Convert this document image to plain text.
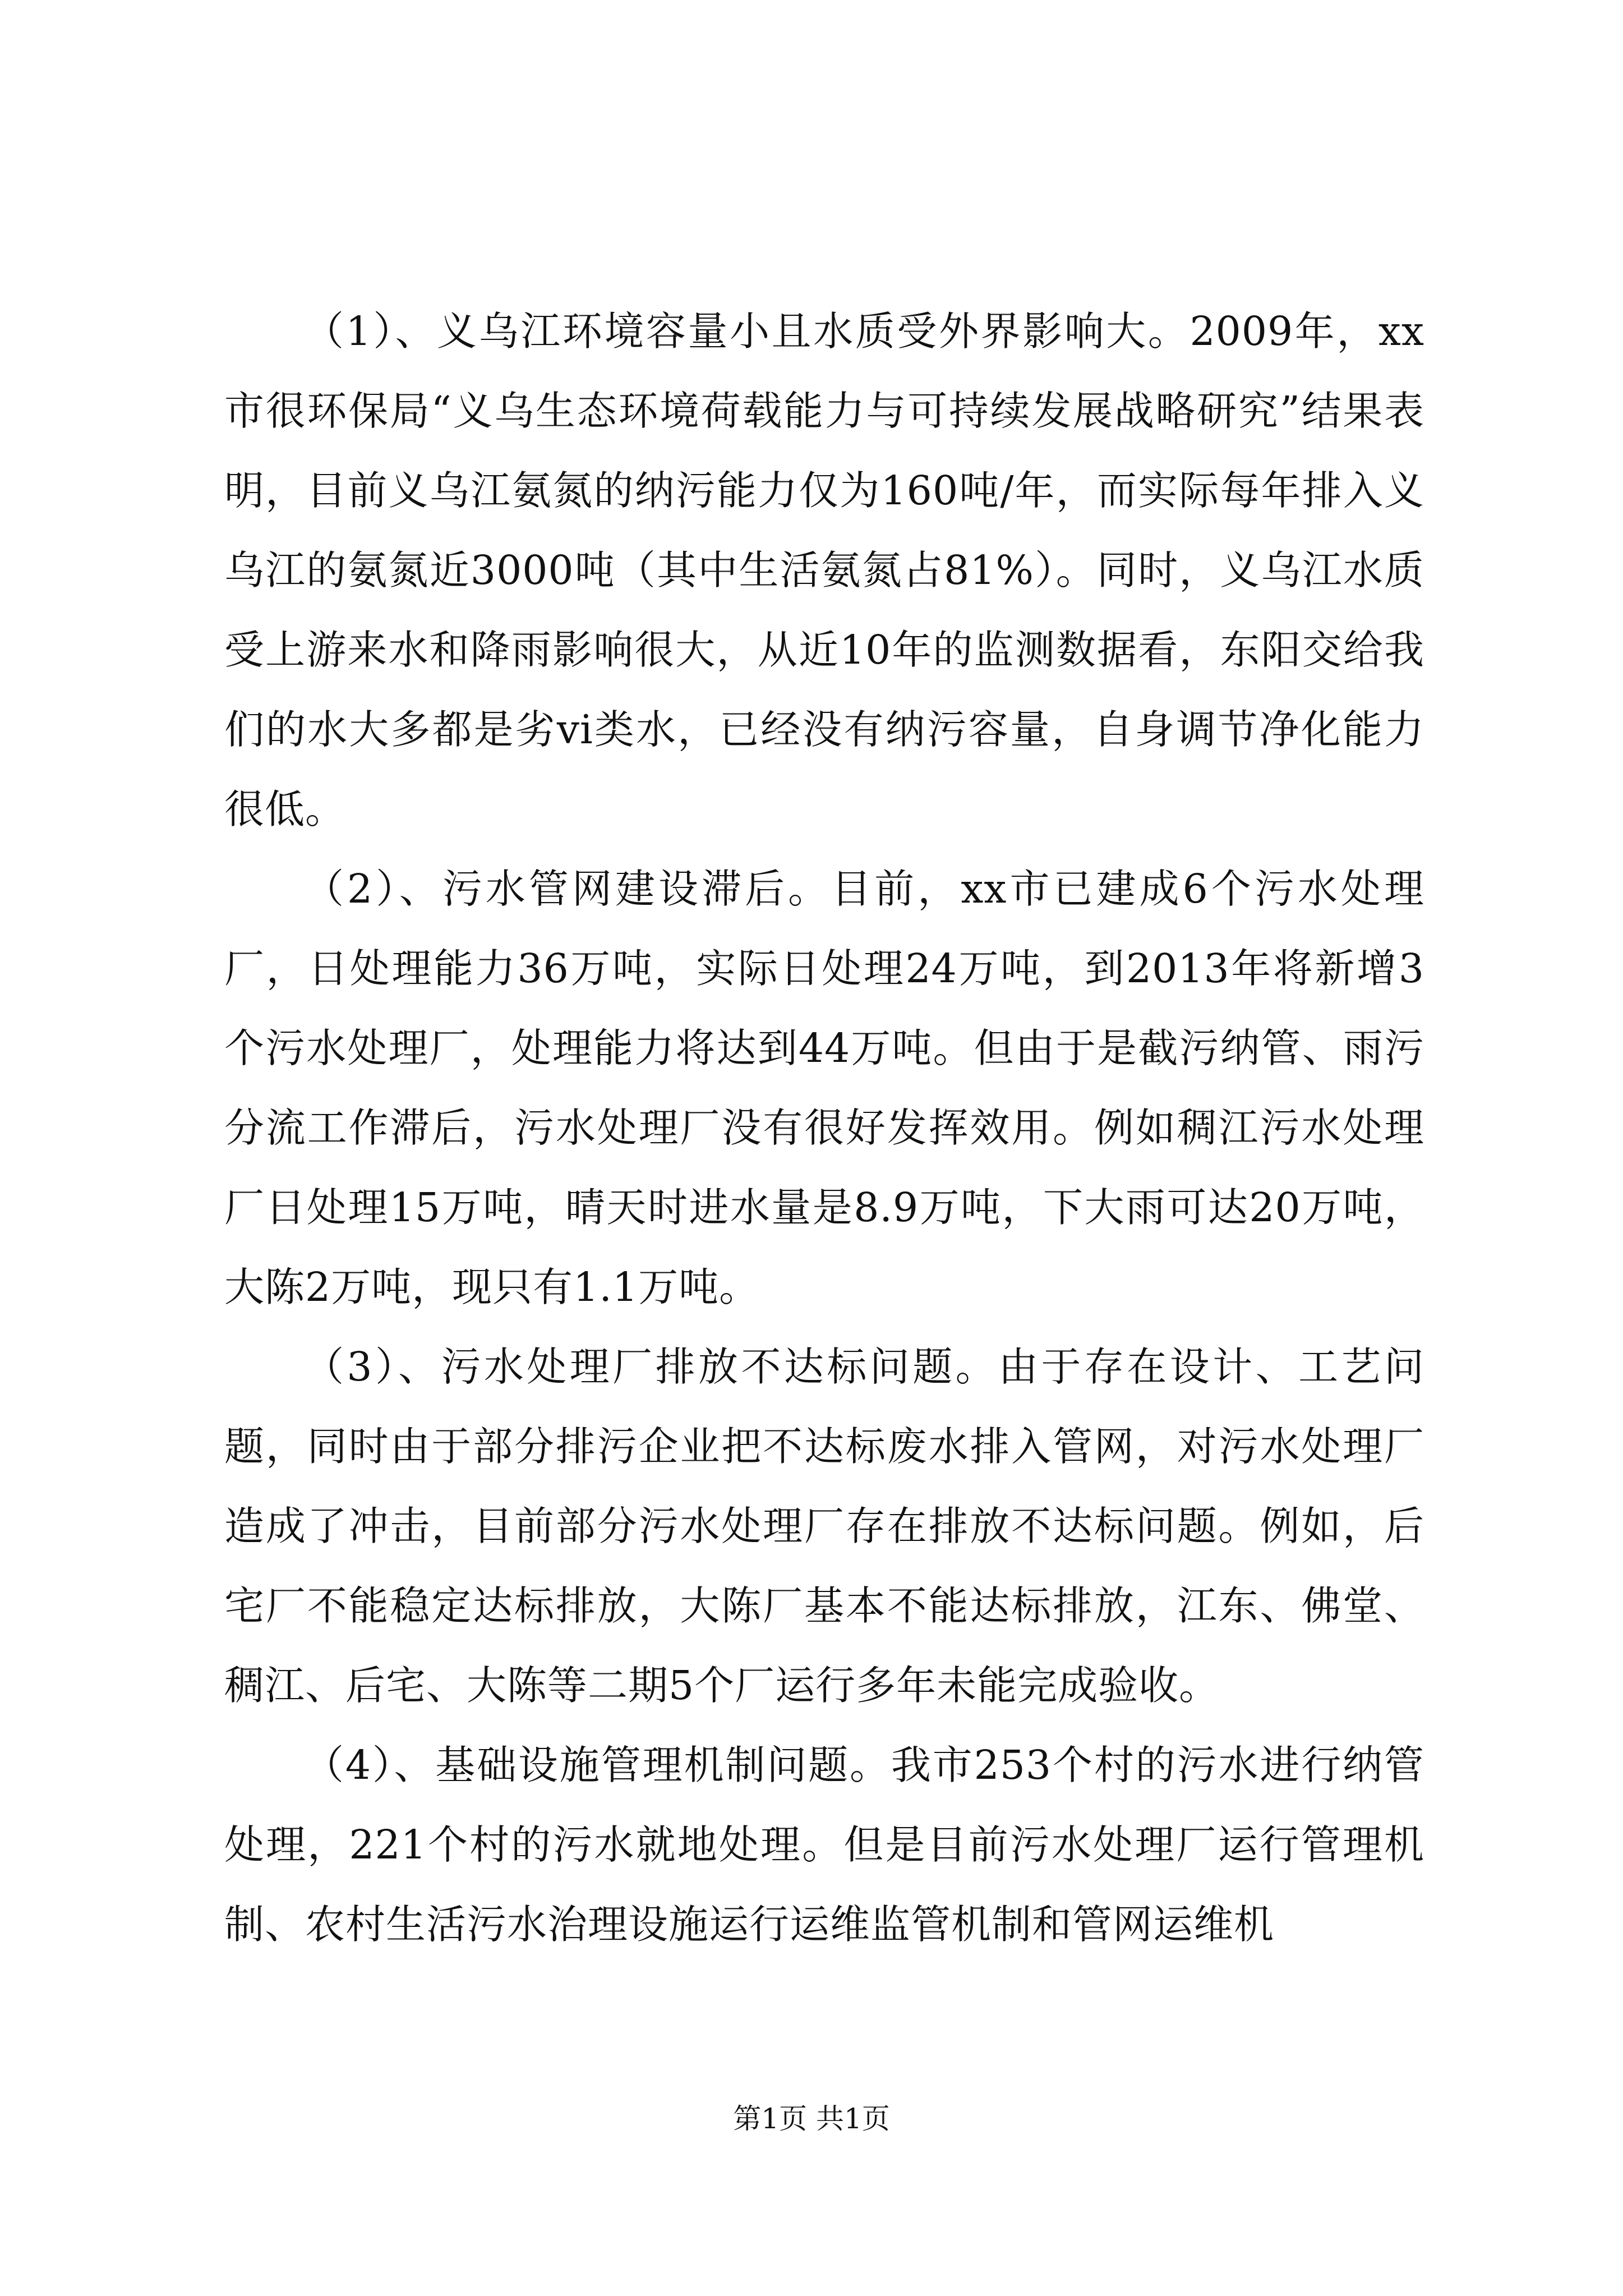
（1）、义乌江环境容量小且水质受外界影响大。2009年，xx市很环保局“义乌生态环境荷载能力与可持续发展战略研究”结果表明，目前义乌江氨氮的纳污能力仅为160吨/年，而实际每年排入义乌江的氨氮近3000吨（其中生活氨氮占81%）。同时，义乌江水质受上游来水和降雨影响很大，从近10年的监测数据看，东阳交给我们的水大多都是劣vi类水，已经没有纳污容量，自身调节净化能力很低。

（2）、污水管网建设滞后。目前，xx市已建成6个污水处理厂，日处理能力36万吨，实际日处理24万吨，到2013年将新增3个污水处理厂，处理能力将达到44万吨。但由于是截污纳管、雨污分流工作滞后，污水处理厂没有很好发挥效用。例如稠江污水处理厂日处理15万吨，晴天时进水量是8.9万吨，下大雨可达20万吨，大陈2万吨，现只有1.1万吨。

（3）、污水处理厂排放不达标问题。由于存在设计、工艺问题，同时由于部分排污企业把不达标废水排入管网，对污水处理厂造成了冲击，目前部分污水处理厂存在排放不达标问题。例如，后宅厂不能稳定达标排放，大陈厂基本不能达标排放，江东、佛堂、稠江、后宅、大陈等二期5个厂运行多年未能完成验收。

（4）、基础设施管理机制问题。我市253个村的污水进行纳管处理，221个村的污水就地处理。但是目前污水处理厂运行管理机制、农村生活污水治理设施运行运维监管机制和管网运维机

第1页 共1页
